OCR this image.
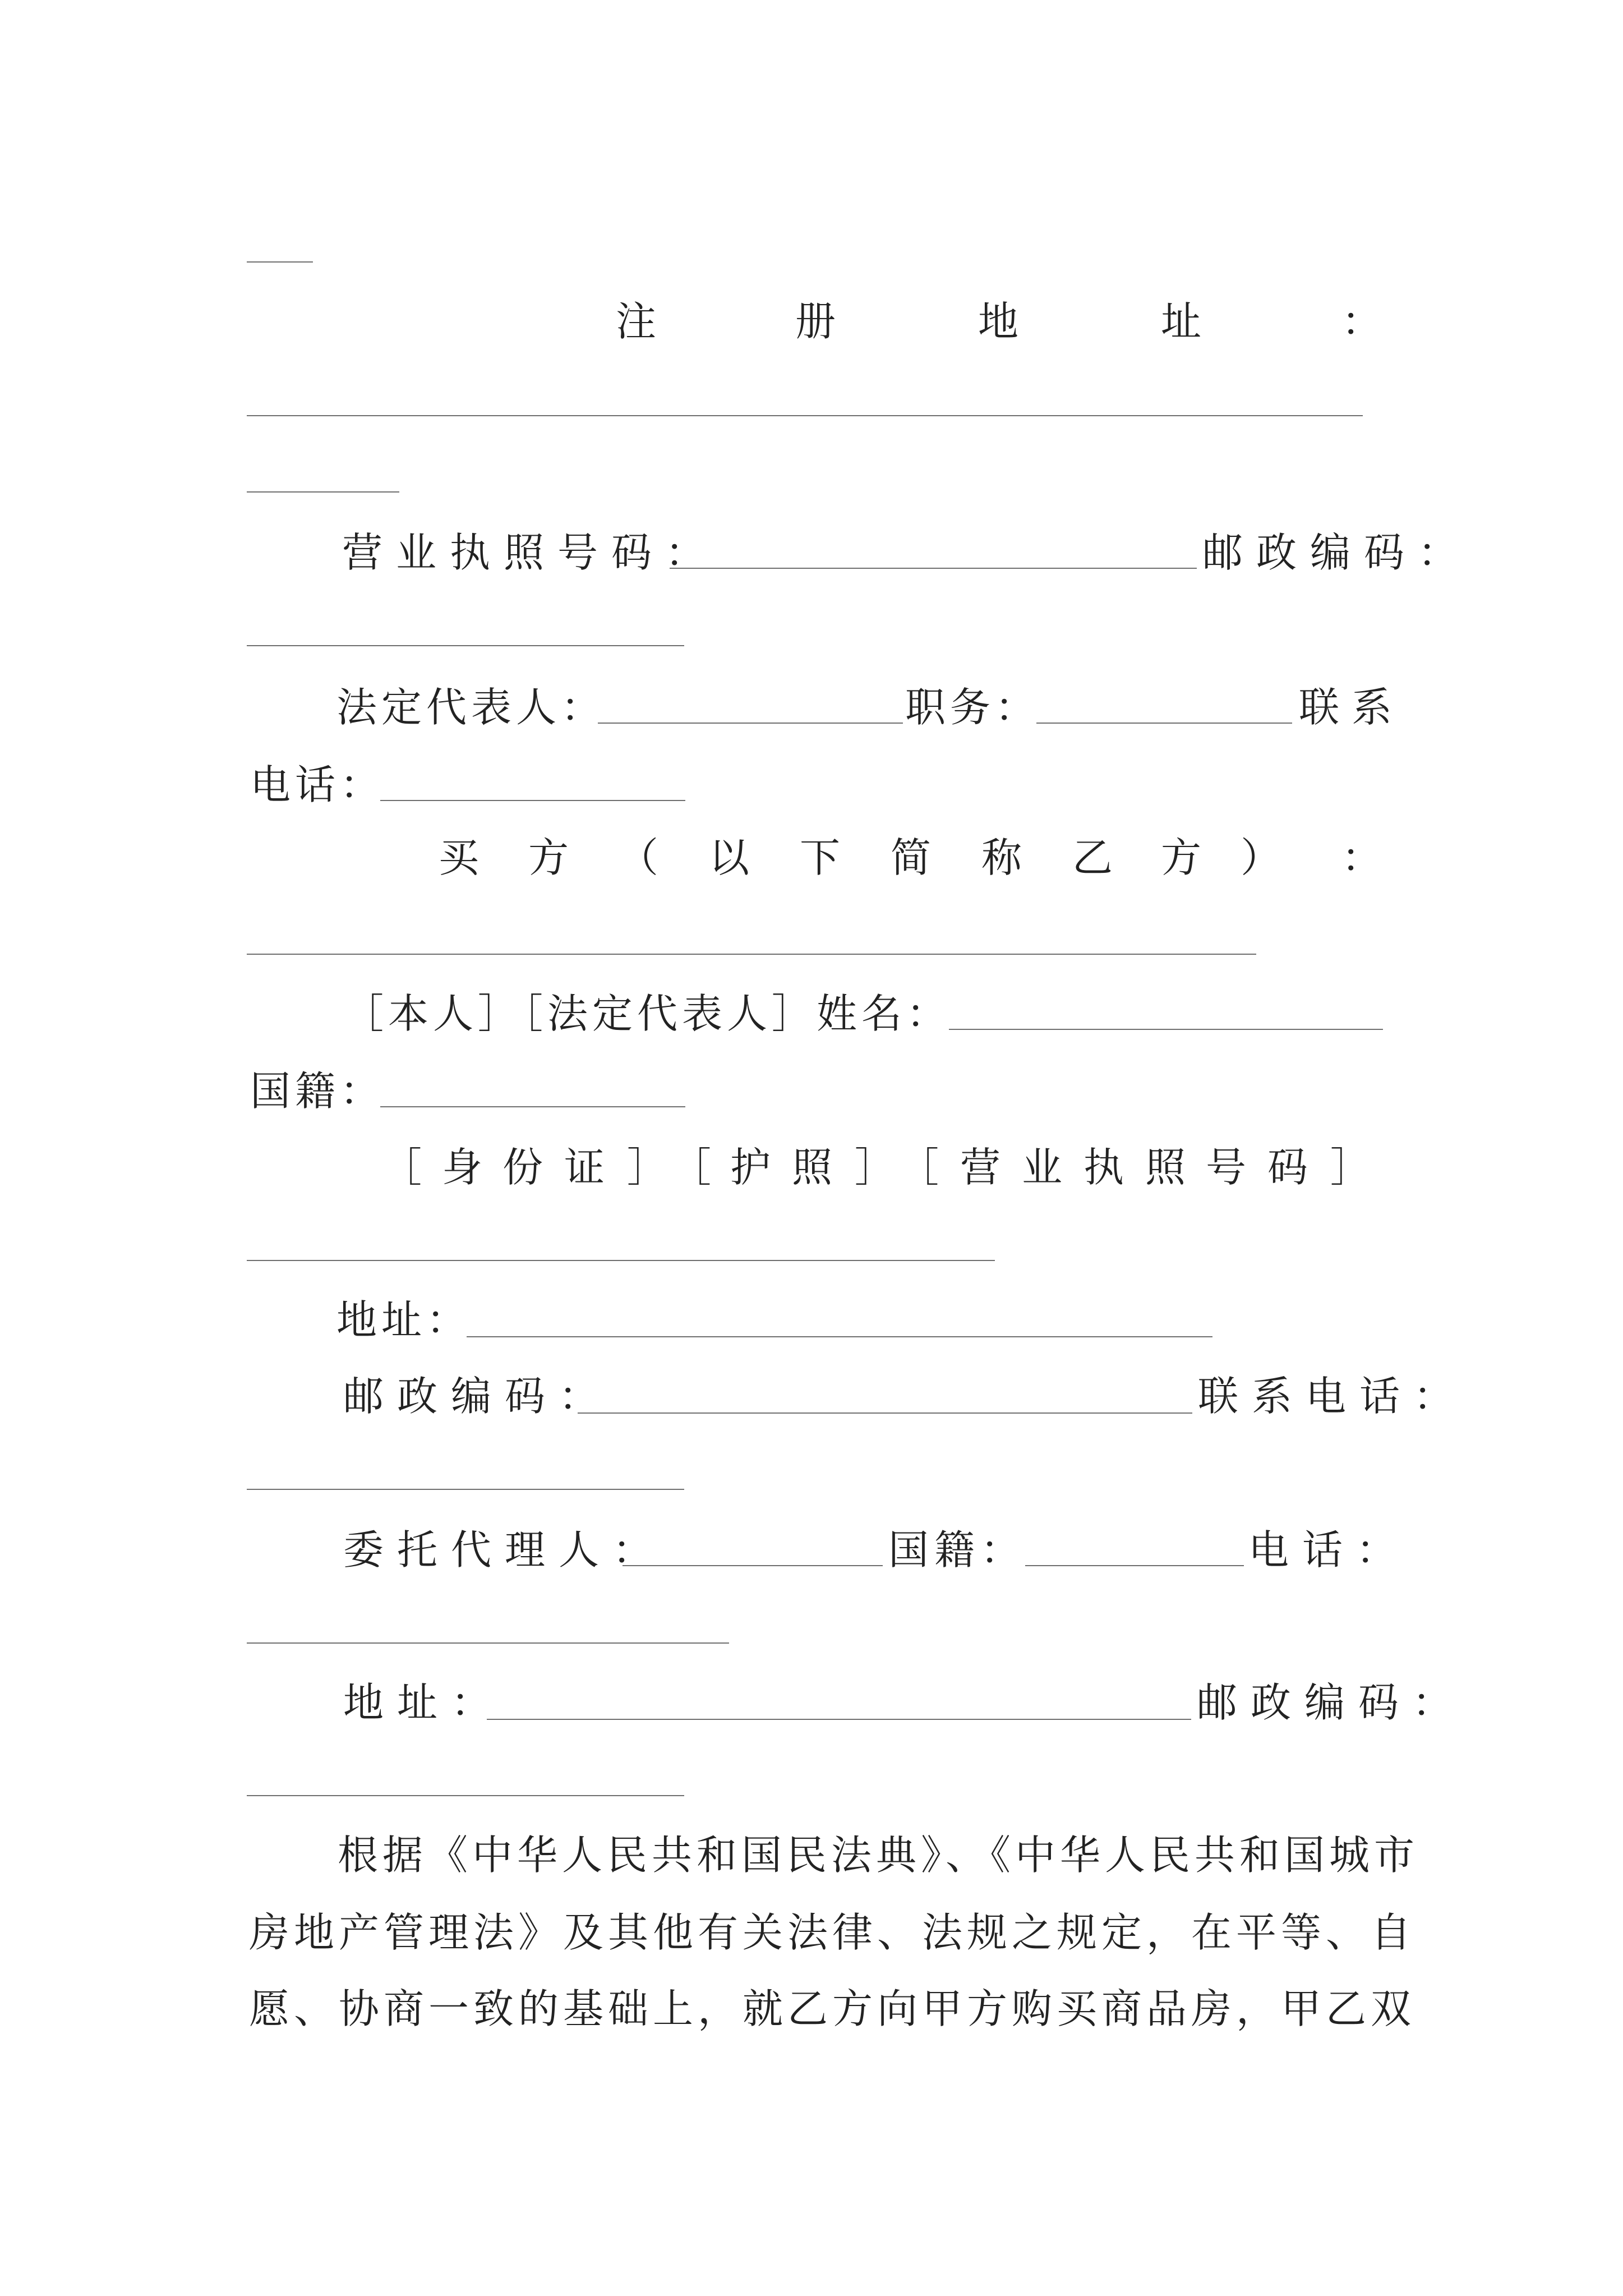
注	册	地	址	：
营业执照号码：	邮政编码：
法定代表人：	职务：	联系
电话：
买 方 （ 以 下 简 称 乙 方 ） ：
［本人］［法定代表人］姓名：
国籍：
［ 身 份 证 ］ ［ 护 照 ］ ［ 营 业 执 照 号 码 ］
地址：
邮政编码：	联系电话：
委托代理人：	国籍：	电话：
地址：	邮政编码：
根据《中华人民共和国民法典》、《中华人民共和国城市
房地产管理法》及其他有关法律、法规之规定，在平等、自
愿、协商一致的基础上，就乙方向甲方购买商品房，甲乙双
